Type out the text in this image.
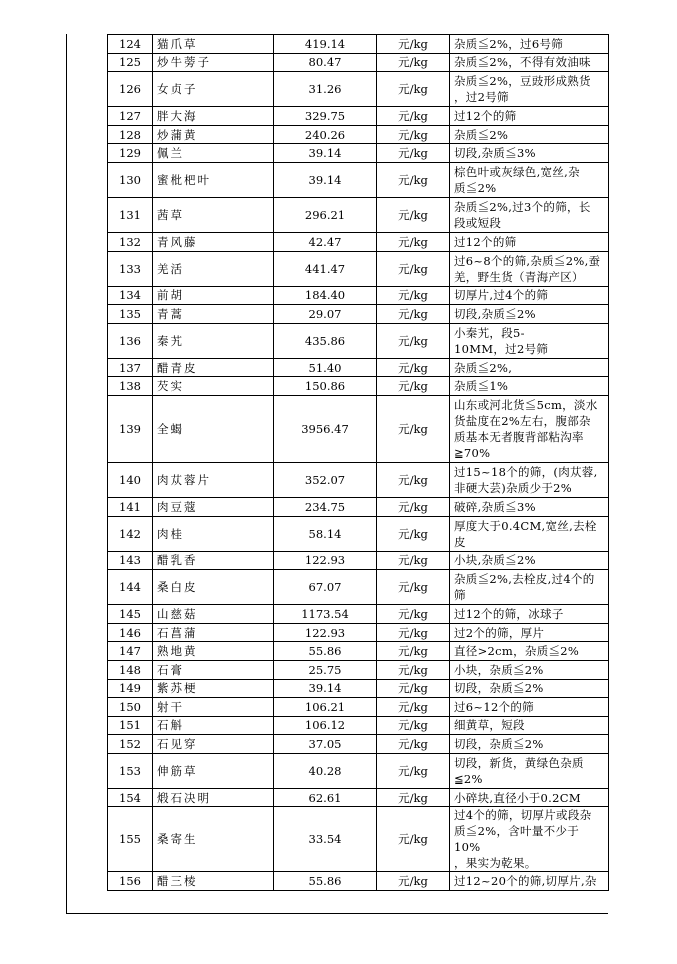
124	猫爪草	419.14	元/kg	杂质≦2%，过6号筛

125	炒牛蒡子	80.47	元/kg	杂质≦2%，不得有效油味

126	女贞子	31.26	元/kg	杂质≦2%，豆豉形成熟货
，过2号筛

127	胖大海	329.75	元/kg	过12个的筛

128	炒蒲黄	240.26	元/kg	杂质≦2%

129	佩兰	39.14	元/kg	切段,杂质≦3%

130	蜜枇杷叶	39.14	元/kg	棕色叶或灰绿色,宽丝,杂
质≦2%

131	茜草	296.21	元/kg	杂质≦2%,过3个的筛，长
段或短段

132	青风藤	42.47	元/kg	过12个的筛

133	羌活	441.47	元/kg	过6~8个的筛,杂质≦2%,蚕
羌，野生货（青海产区）

134	前胡	184.40	元/kg	切厚片,过4个的筛

135	青蒿	29.07	元/kg	切段,杂质≦2%

136	秦艽	435.86	元/kg	小秦艽，段5-
10MM，过2号筛

137	醋青皮	51.40	元/kg	杂质≦2%,

138	芡实	150.86	元/kg	杂质≦1%

139	全蝎	3956.47	元/kg	山东或河北货≦5cm，淡水
货盐度在2%左右，腹部杂
质基本无者腹背部粘沟率
≧70%

140	肉苁蓉片	352.07	元/kg	过15~18个的筛，(肉苁蓉,
非硬大芸)杂质少于2%

141	肉豆蔻	234.75	元/kg	破碎,杂质≦3%

142	肉桂	58.14	元/kg	厚度大于0.4CM,宽丝,去栓
皮

143	醋乳香	122.93	元/kg	小块,杂质≦2%

144	桑白皮	67.07	元/kg	杂质≦2%,去栓皮,过4个的
筛

145	山慈菇	1173.54	元/kg	过12个的筛，冰球子

146	石菖蒲	122.93	元/kg	过2个的筛，厚片

147	熟地黄	55.86	元/kg	直径>2cm，杂质≦2%

148	石膏	25.75	元/kg	小块，杂质≦2%

149	紫苏梗	39.14	元/kg	切段，杂质≦2%

150	射干	106.21	元/kg	过6~12个的筛

151	石斛	106.12	元/kg	细黄草，短段

152	石见穿	37.05	元/kg	切段，杂质≦2%

153	伸筋草	40.28	元/kg	切段，新货，黄绿色杂质
≦2%

154	煅石决明	62.61	元/kg	小碎块,直径小于0.2CM

155	桑寄生	33.54	元/kg	过4个的筛，切厚片或段杂
质≦2%，含叶量不少于10%
，果实为乾果。

156	醋三棱	55.86	元/kg	过12~20个的筛,切厚片,杂
